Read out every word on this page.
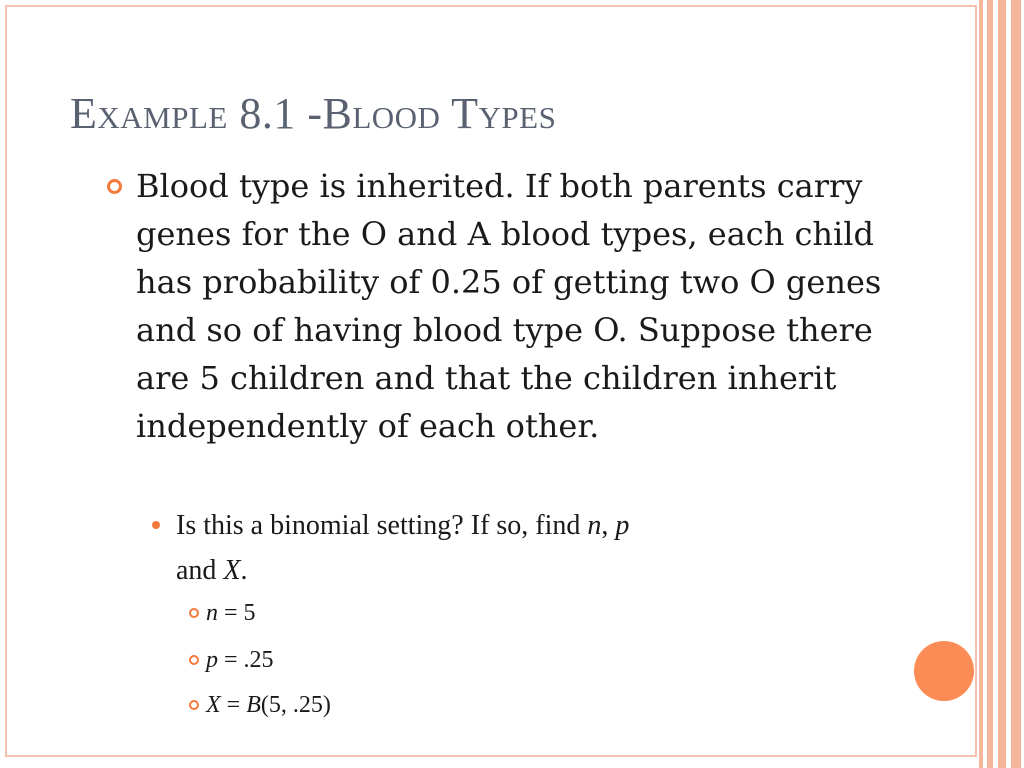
Example 8.1 -Blood Types
Blood type is inherited. If both parents carry genes for the O and A blood types, each child has probability of 0.25 of getting two O genes and so of having blood type O. Suppose there are 5 children and that the children inherit independently of each other.
Is this a binomial setting? If so, find n, p
and X.
n = 5
p = .25
X = B(5, .25)
